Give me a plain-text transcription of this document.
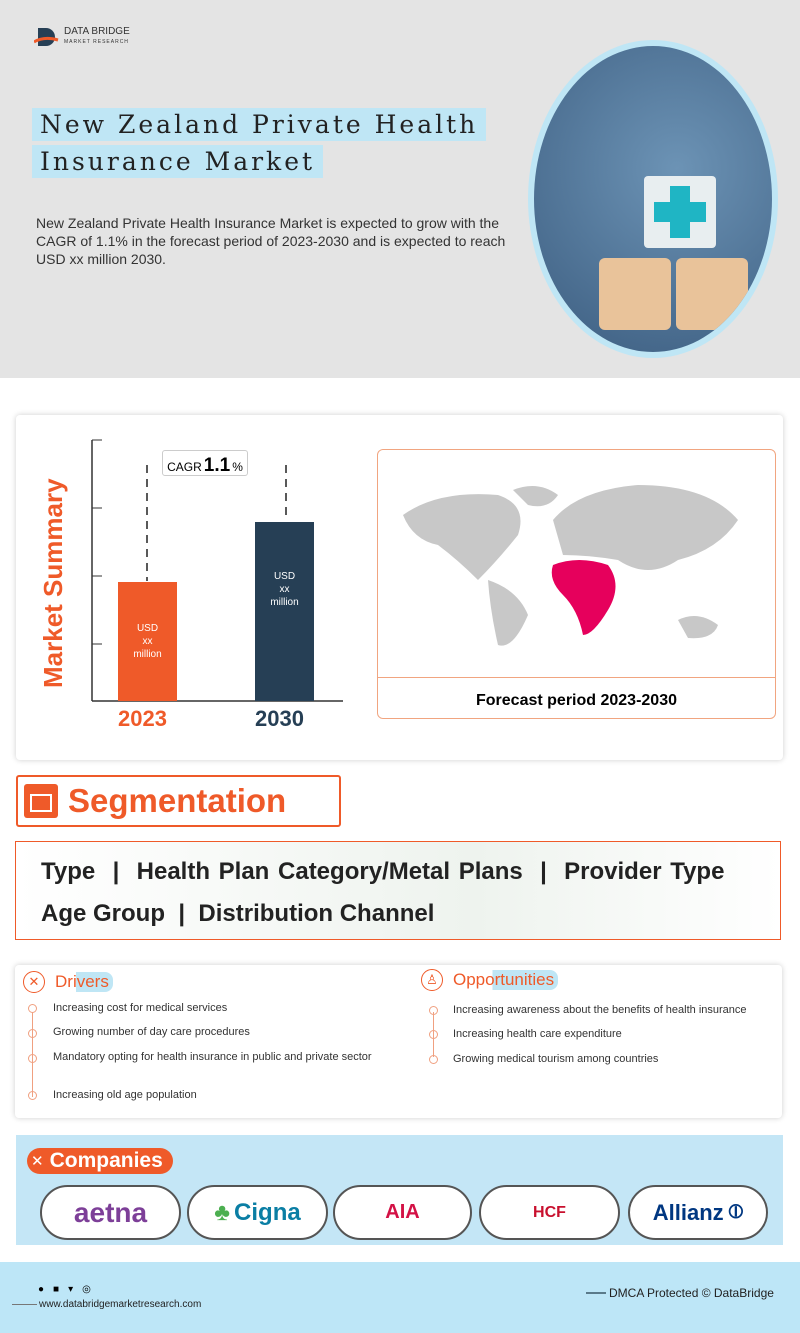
DATA BRIDGE
MARKET RESEARCH
New Zealand Private Health
Insurance Market
New Zealand Private Health Insurance Market is expected to grow with the CAGR of 1.1% in the forecast period of 2023-2030 and is expected to reach USD xx million 2030.
Market Summary
CAGR 1.1 %
USD
xx
million
USD
xx
million
2023	2030
Forecast period 2023-2030
Segmentation
Type | Health Plan Category/Metal Plans | Provider Type
Age Group | Distribution Channel
✕ Drivers	♙ Opportunities
Increasing cost for medical services
Growing number of day care procedures
Mandatory opting for health insurance in public and private sector
Increasing old age population
Increasing awareness about the benefits of health insurance
Increasing health care expenditure
Growing medical tourism among countries
✕ Companies
aetna	♣ Cigna	AIA	HCF	Allianz ⦶
● ■ ▾ ◎
www.databridgemarketresearch.com
DMCA Protected © DataBridge
